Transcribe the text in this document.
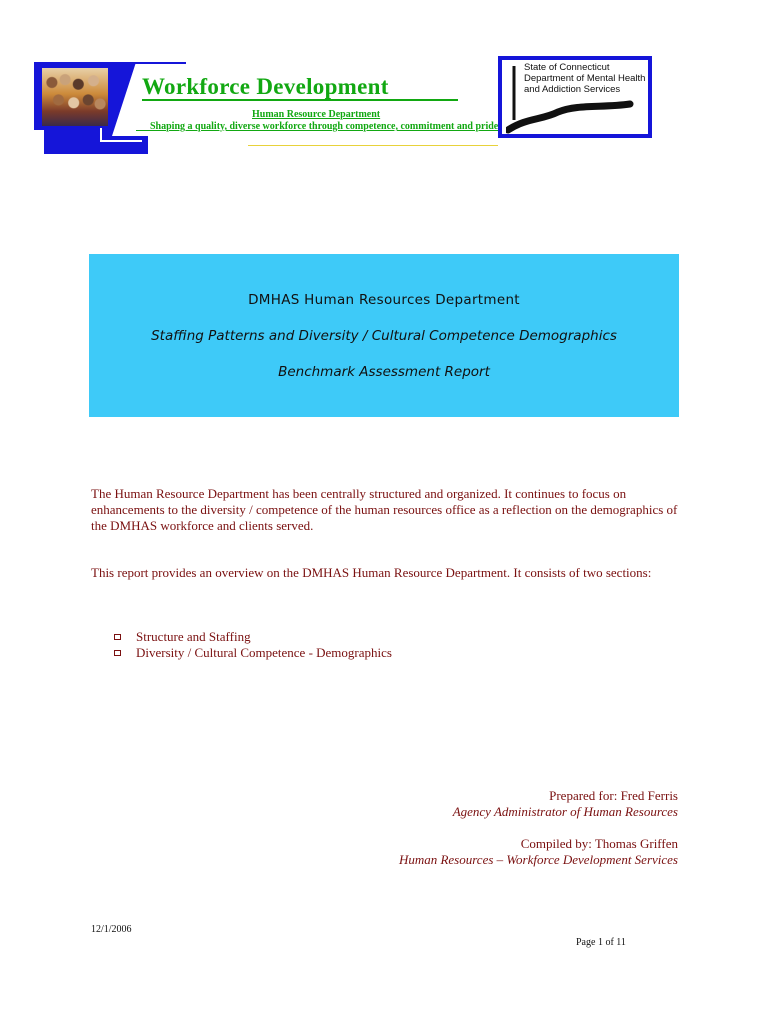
Workforce Development
Human Resource Department
Shaping a quality, diverse workforce through competence, commitment and pride
State of Connecticut
Department of Mental Health
and Addiction Services
DMHAS Human Resources Department
Staffing Patterns and Diversity / Cultural Competence Demographics
Benchmark Assessment Report
The Human Resource Department has been centrally structured and organized. It continues to focus on enhancements to the diversity / competence of the human resources office as a reflection on the demographics of the DMHAS workforce and clients served.
This report provides an overview on the DMHAS Human Resource Department. It consists of two sections:
Structure and Staffing
Diversity / Cultural Competence - Demographics
Prepared for: Fred Ferris
Agency Administrator of Human Resources
Compiled by: Thomas Griffen
Human Resources – Workforce Development Services
12/1/2006
Page 1 of 11
